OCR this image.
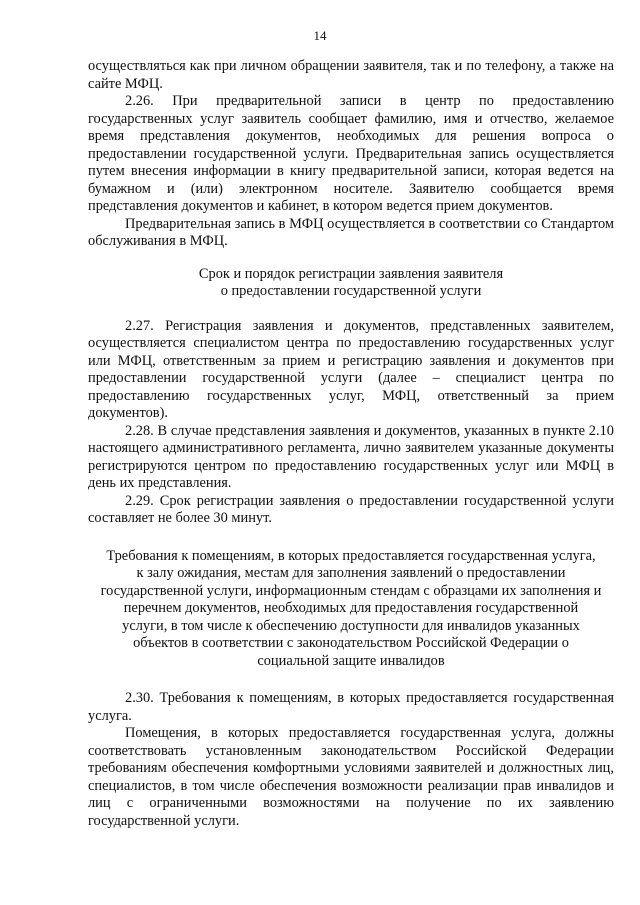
14

осуществляться как при личном обращении заявителя, так и по телефону, а также на сайте МФЦ.

2.26. При предварительной записи в центр по предоставлению государственных услуг заявитель сообщает фамилию, имя и отчество, желаемое время представления документов, необходимых для решения вопроса о предоставлении государственной услуги. Предварительная запись осуществляется путем внесения информации в книгу предварительной записи, которая ведется на бумажном и (или) электронном носителе. Заявителю сообщается время представления документов и кабинет, в котором ведется прием документов.

Предварительная запись в МФЦ осуществляется в соответствии со Стандартом обслуживания в МФЦ.

Срок и порядок регистрации заявления заявителя
о предоставлении государственной услуги

2.27. Регистрация заявления и документов, представленных заявителем, осуществляется специалистом центра по предоставлению государственных услуг или МФЦ, ответственным за прием и регистрацию заявления и документов при предоставлении государственной услуги (далее – специалист центра по предоставлению государственных услуг, МФЦ, ответственный за прием документов).

2.28. В случае представления заявления и документов, указанных в пункте 2.10 настоящего административного регламента, лично заявителем указанные документы регистрируются центром по предоставлению государственных услуг или МФЦ в день их представления.

2.29. Срок регистрации заявления о предоставлении государственной услуги составляет не более 30 минут.

Требования к помещениям, в которых предоставляется государственная услуга,
к залу ожидания, местам для заполнения заявлений о предоставлении
государственной услуги, информационным стендам с образцами их заполнения и
перечнем документов, необходимых для предоставления государственной
услуги, в том числе к обеспечению доступности для инвалидов указанных
объектов в соответствии с законодательством Российской Федерации о
социальной защите инвалидов

2.30. Требования к помещениям, в которых предоставляется государственная услуга.

Помещения, в которых предоставляется государственная услуга, должны соответствовать установленным законодательством Российской Федерации требованиям обеспечения комфортными условиями заявителей и должностных лиц, специалистов, в том числе обеспечения возможности реализации прав инвалидов и лиц с ограниченными возможностями на получение по их заявлению государственной услуги.
